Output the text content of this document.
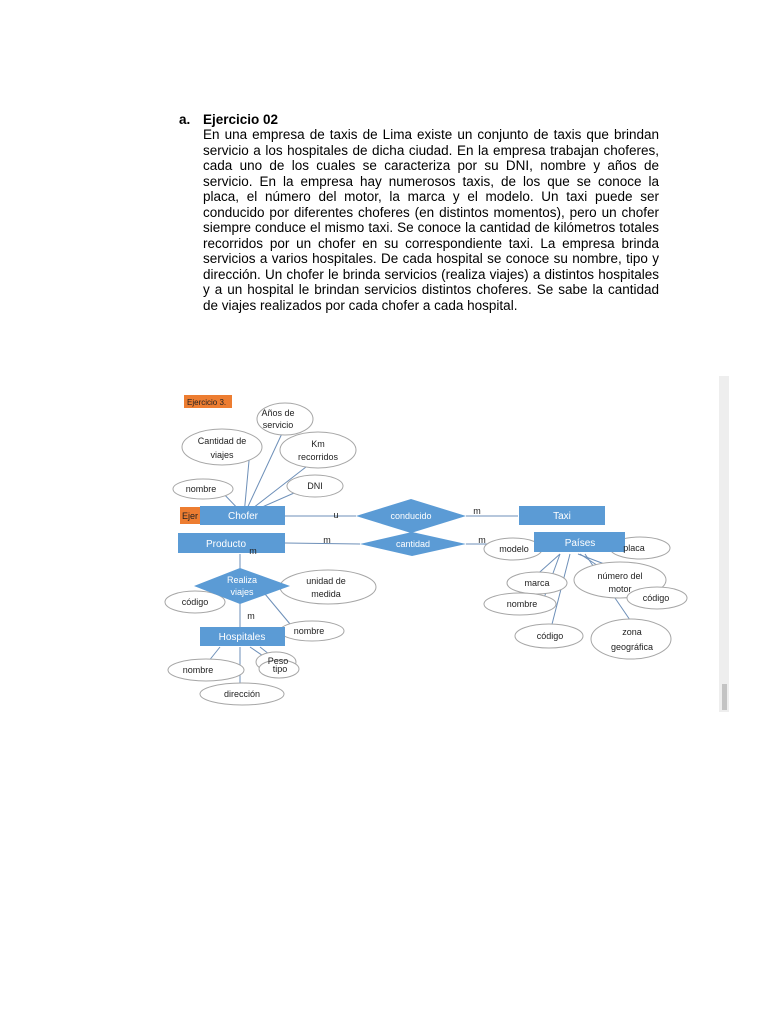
a. Ejercicio 02
En una empresa de taxis de Lima existe un conjunto de taxis que brindan servicio a los hospitales de dicha ciudad. En la empresa trabajan choferes, cada uno de los cuales se caracteriza por su DNI, nombre y años de servicio. En la empresa hay numerosos taxis, de los que se conoce la placa, el número del motor, la marca y el modelo. Un taxi puede ser conducido por diferentes choferes (en distintos momentos), pero un chofer siempre conduce el mismo taxi. Se conoce la cantidad de kilómetros totales recorridos por un chofer en su correspondiente taxi. La empresa brinda servicios a varios hospitales. De cada hospital se conoce su nombre, tipo y dirección. Un chofer le brinda servicios (realiza viajes) a distintos hospitales y a un hospital le brindan servicios distintos choferes. Se sabe la cantidad de viajes realizados por cada chofer a cada hospital.
Ejercicio 3.
Ejer	Chofer
Producto
Hospitales
Taxi
Países
conducido
cantidad
Realiza
viajes
Años de
servicio
Cantidad de
viajes
Km
recorridos
nombre	DNI
código
unidad de
medida
nombre
nombre
Peso
tipo
dirección
modelo	placa
marca
número del
motor
código
nombre
código	zona
geográfica
u	m
m	m
m
m
